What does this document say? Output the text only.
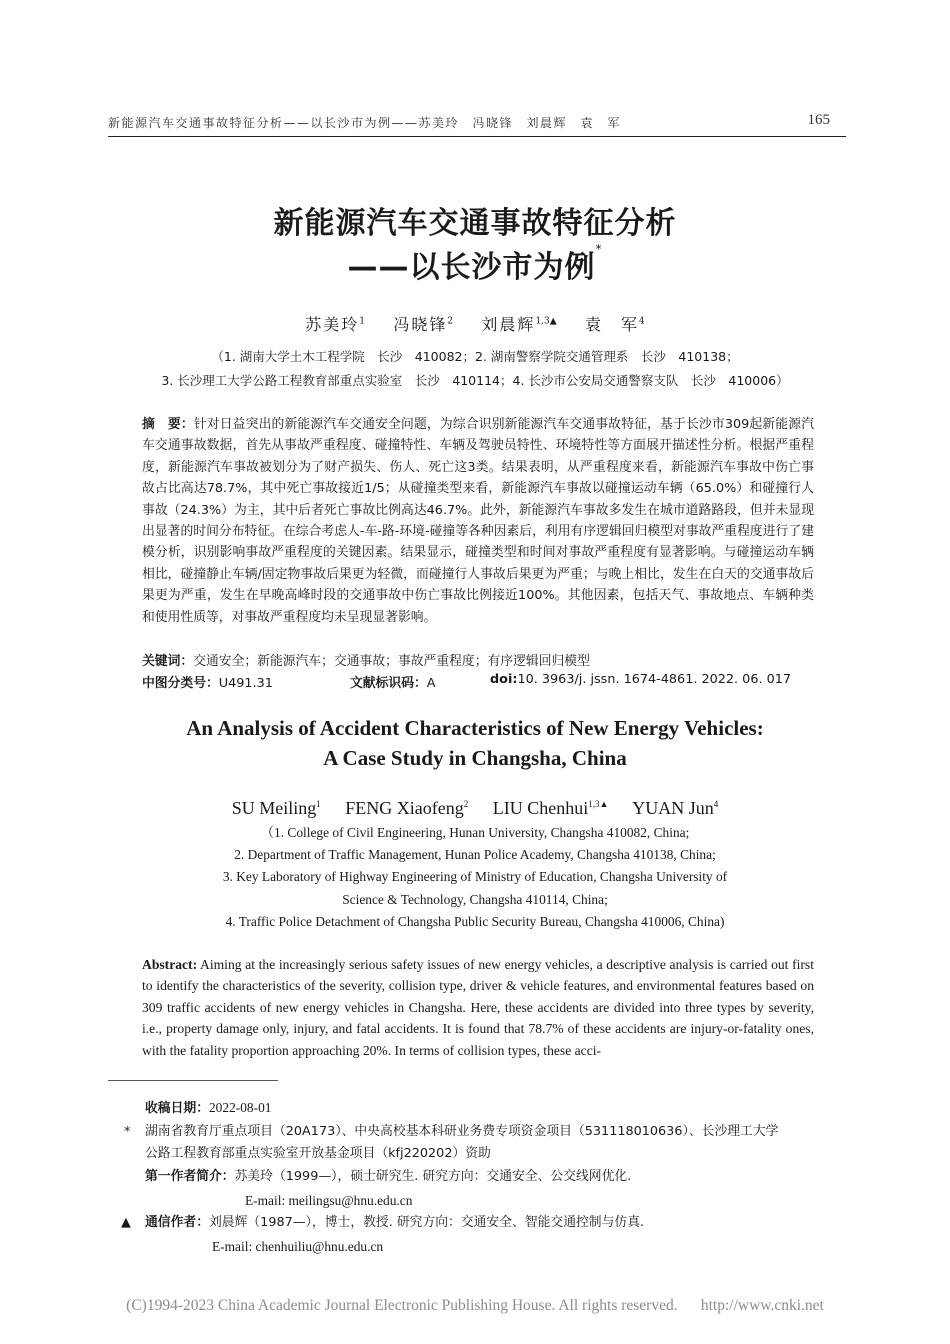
新能源汽车交通事故特征分析——以长沙市为例——苏美玲　冯晓锋　刘晨辉　袁　军	165
新能源汽车交通事故特征分析
——以长沙市为例*
苏美玲$^1$ 冯晓锋$^2$ 刘晨辉$^{1,3▲}$ 袁　军$^4$
（1. 湖南大学土木工程学院　长沙　410082；2. 湖南警察学院交通管理系　长沙　410138；
3. 长沙理工大学公路工程教育部重点实验室　长沙　410114；4. 长沙市公安局交通警察支队　长沙　410006）
摘　要：针对日益突出的新能源汽车交通安全问题，为综合识别新能源汽车交通事故特征，基于长沙市309起新能源汽车交通事故数据，首先从事故严重程度、碰撞特性、车辆及驾驶员特性、环境特性等方面展开描述性分析。根据严重程度，新能源汽车事故被划分为了财产损失、伤人、死亡这3类。结果表明，从严重程度来看，新能源汽车事故中伤亡事故占比高达78.7%，其中死亡事故接近1/5；从碰撞类型来看，新能源汽车事故以碰撞运动车辆（65.0%）和碰撞行人事故（24.3%）为主，其中后者死亡事故比例高达46.7%。此外，新能源汽车事故多发生在城市道路路段，但并未显现出显著的时间分布特征。在综合考虑人-车-路-环境-碰撞等各种因素后，利用有序逻辑回归模型对事故严重程度进行了建模分析，识别影响事故严重程度的关键因素。结果显示，碰撞类型和时间对事故严重程度有显著影响。与碰撞运动车辆相比，碰撞静止车辆/固定物事故后果更为轻微，而碰撞行人事故后果更为严重；与晚上相比，发生在白天的交通事故后果更为严重，发生在早晚高峰时段的交通事故中伤亡事故比例接近100%。其他因素，包括天气、事故地点、车辆种类和使用性质等，对事故严重程度均未呈现显著影响。
关键词：交通安全；新能源汽车；交通事故；事故严重程度；有序逻辑回归模型
中图分类号：U491.31	文献标识码：A	doi:10. 3963/j. jssn. 1674-4861. 2022. 06. 017
An Analysis of Accident Characteristics of New Energy Vehicles:
A Case Study in Changsha, China
SU Meiling$^1$ FENG Xiaofeng$^2$ LIU Chenhui$^{1,3▲}$ YUAN Jun$^4$
（1. College of Civil Engineering, Hunan University, Changsha 410082, China;
2. Department of Traffic Management, Hunan Police Academy, Changsha 410138, China;
3. Key Laboratory of Highway Engineering of Ministry of Education, Changsha University of
Science & Technology, Changsha 410114, China;
4. Traffic Police Detachment of Changsha Public Security Bureau, Changsha 410006, China)
Abstract: Aiming at the increasingly serious safety issues of new energy vehicles, a descriptive analysis is carried out first to identify the characteristics of the severity, collision type, driver & vehicle features, and environmental features based on 309 traffic accidents of new energy vehicles in Changsha. Here, these accidents are divided into three types by severity, i.e., property damage only, injury, and fatal accidents. It is found that 78.7% of these accidents are injury-or-fatality ones, with the fatality proportion approaching 20%. In terms of collision types, these acci-
收稿日期：2022-08-01
* 湖南省教育厅重点项目（20A173）、中央高校基本科研业务费专项资金项目（531118010636）、长沙理工大学
公路工程教育部重点实验室开放基金项目（kfj220202）资助
第一作者简介：苏美玲（1999—），硕士研究生. 研究方向：交通安全、公交线网优化.
E-mail: meilingsu@hnu.edu.cn
▲ 通信作者：刘晨辉（1987—），博士，教授. 研究方向：交通安全、智能交通控制与仿真.
E-mail: chenhuiliu@hnu.edu.cn
(C)1994-2023 China Academic Journal Electronic Publishing House. All rights reserved. http://www.cnki.net
